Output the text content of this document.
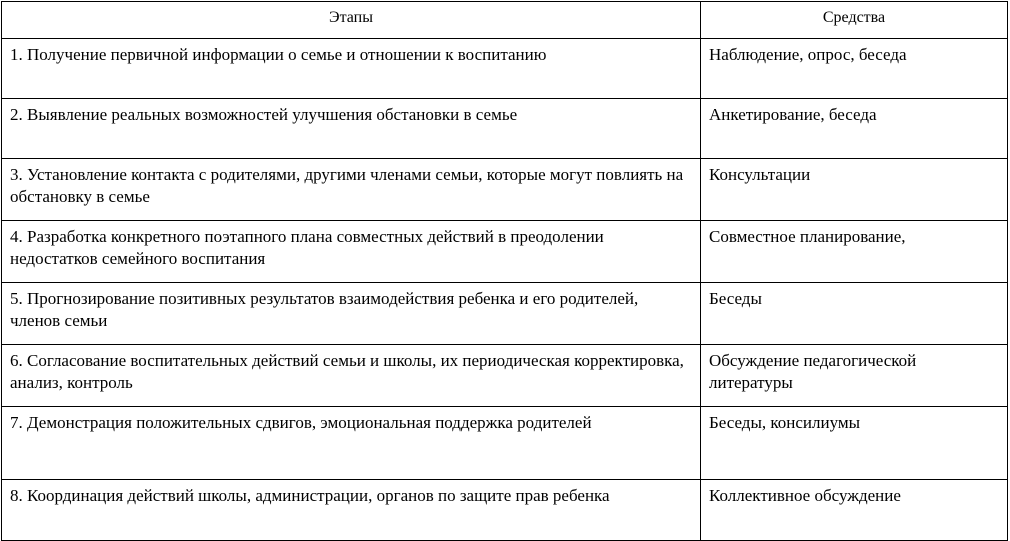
Этапы	Средства
1. Получение первичной информации о семье и отношении к воспитанию	Наблюдение, опрос, беседа
2. Выявление реальных возможностей улучшения обстановки в семье	Анкетирование, беседа
3. Установление контакта с родителями, другими членами семьи, которые могут повлиять на обстановку в семье	Консультации
4. Разработка конкретного поэтапного плана совместных действий в преодолении недостатков семейного воспитания	Совместное планирование,
5. Прогнозирование позитивных результатов взаимодействия ребенка и его родителей, членов семьи	Беседы
6. Согласование воспитательных действий семьи и школы, их периодическая корректировка, анализ, контроль	Обсуждение педагогической литературы
7. Демонстрация положительных сдвигов, эмоциональная поддержка родителей	Беседы, консилиумы
8. Координация действий школы, администрации, органов по защите прав ребенка	Коллективное обсуждение
